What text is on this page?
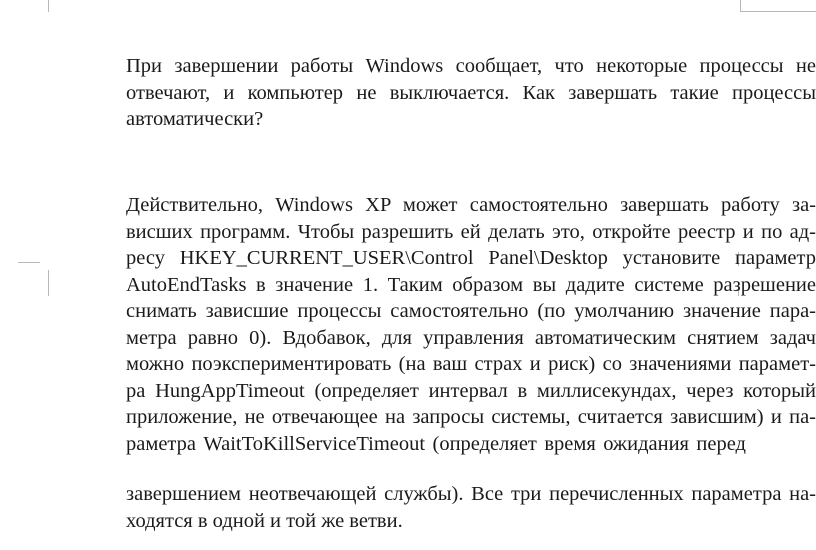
При завершении работы Windows сообщает, что некоторые процессы не
отвечают, и компьютер не выключается. Как завершать такие процессы
автоматически?
Действительно, Windows XP может самостоятельно завершать работу за-
висших программ. Чтобы разрешить ей делать это, откройте реестр и по ад-
ресу HKEY_CURRENT_USER\Control Panel\Desktop установите параметр
AutoEndTasks в значение 1. Таким образом вы дадите системе разрешение
снимать зависшие процессы самостоятельно (по умолчанию значение пара-
метра равно 0). Вдобавок, для управления автоматическим снятием задач
можно поэкспериментировать (на ваш страх и риск) со значениями парамет-
ра HungAppTimeout (определяет интервал в миллисекундах, через который
приложение, не отвечающее на запросы системы, считается зависшим) и па-
раметра WaitToKillServiceTimeout (определяет время ожидания перед
завершением неотвечающей службы). Все три перечисленных параметра на-
ходятся в одной и той же ветви.
